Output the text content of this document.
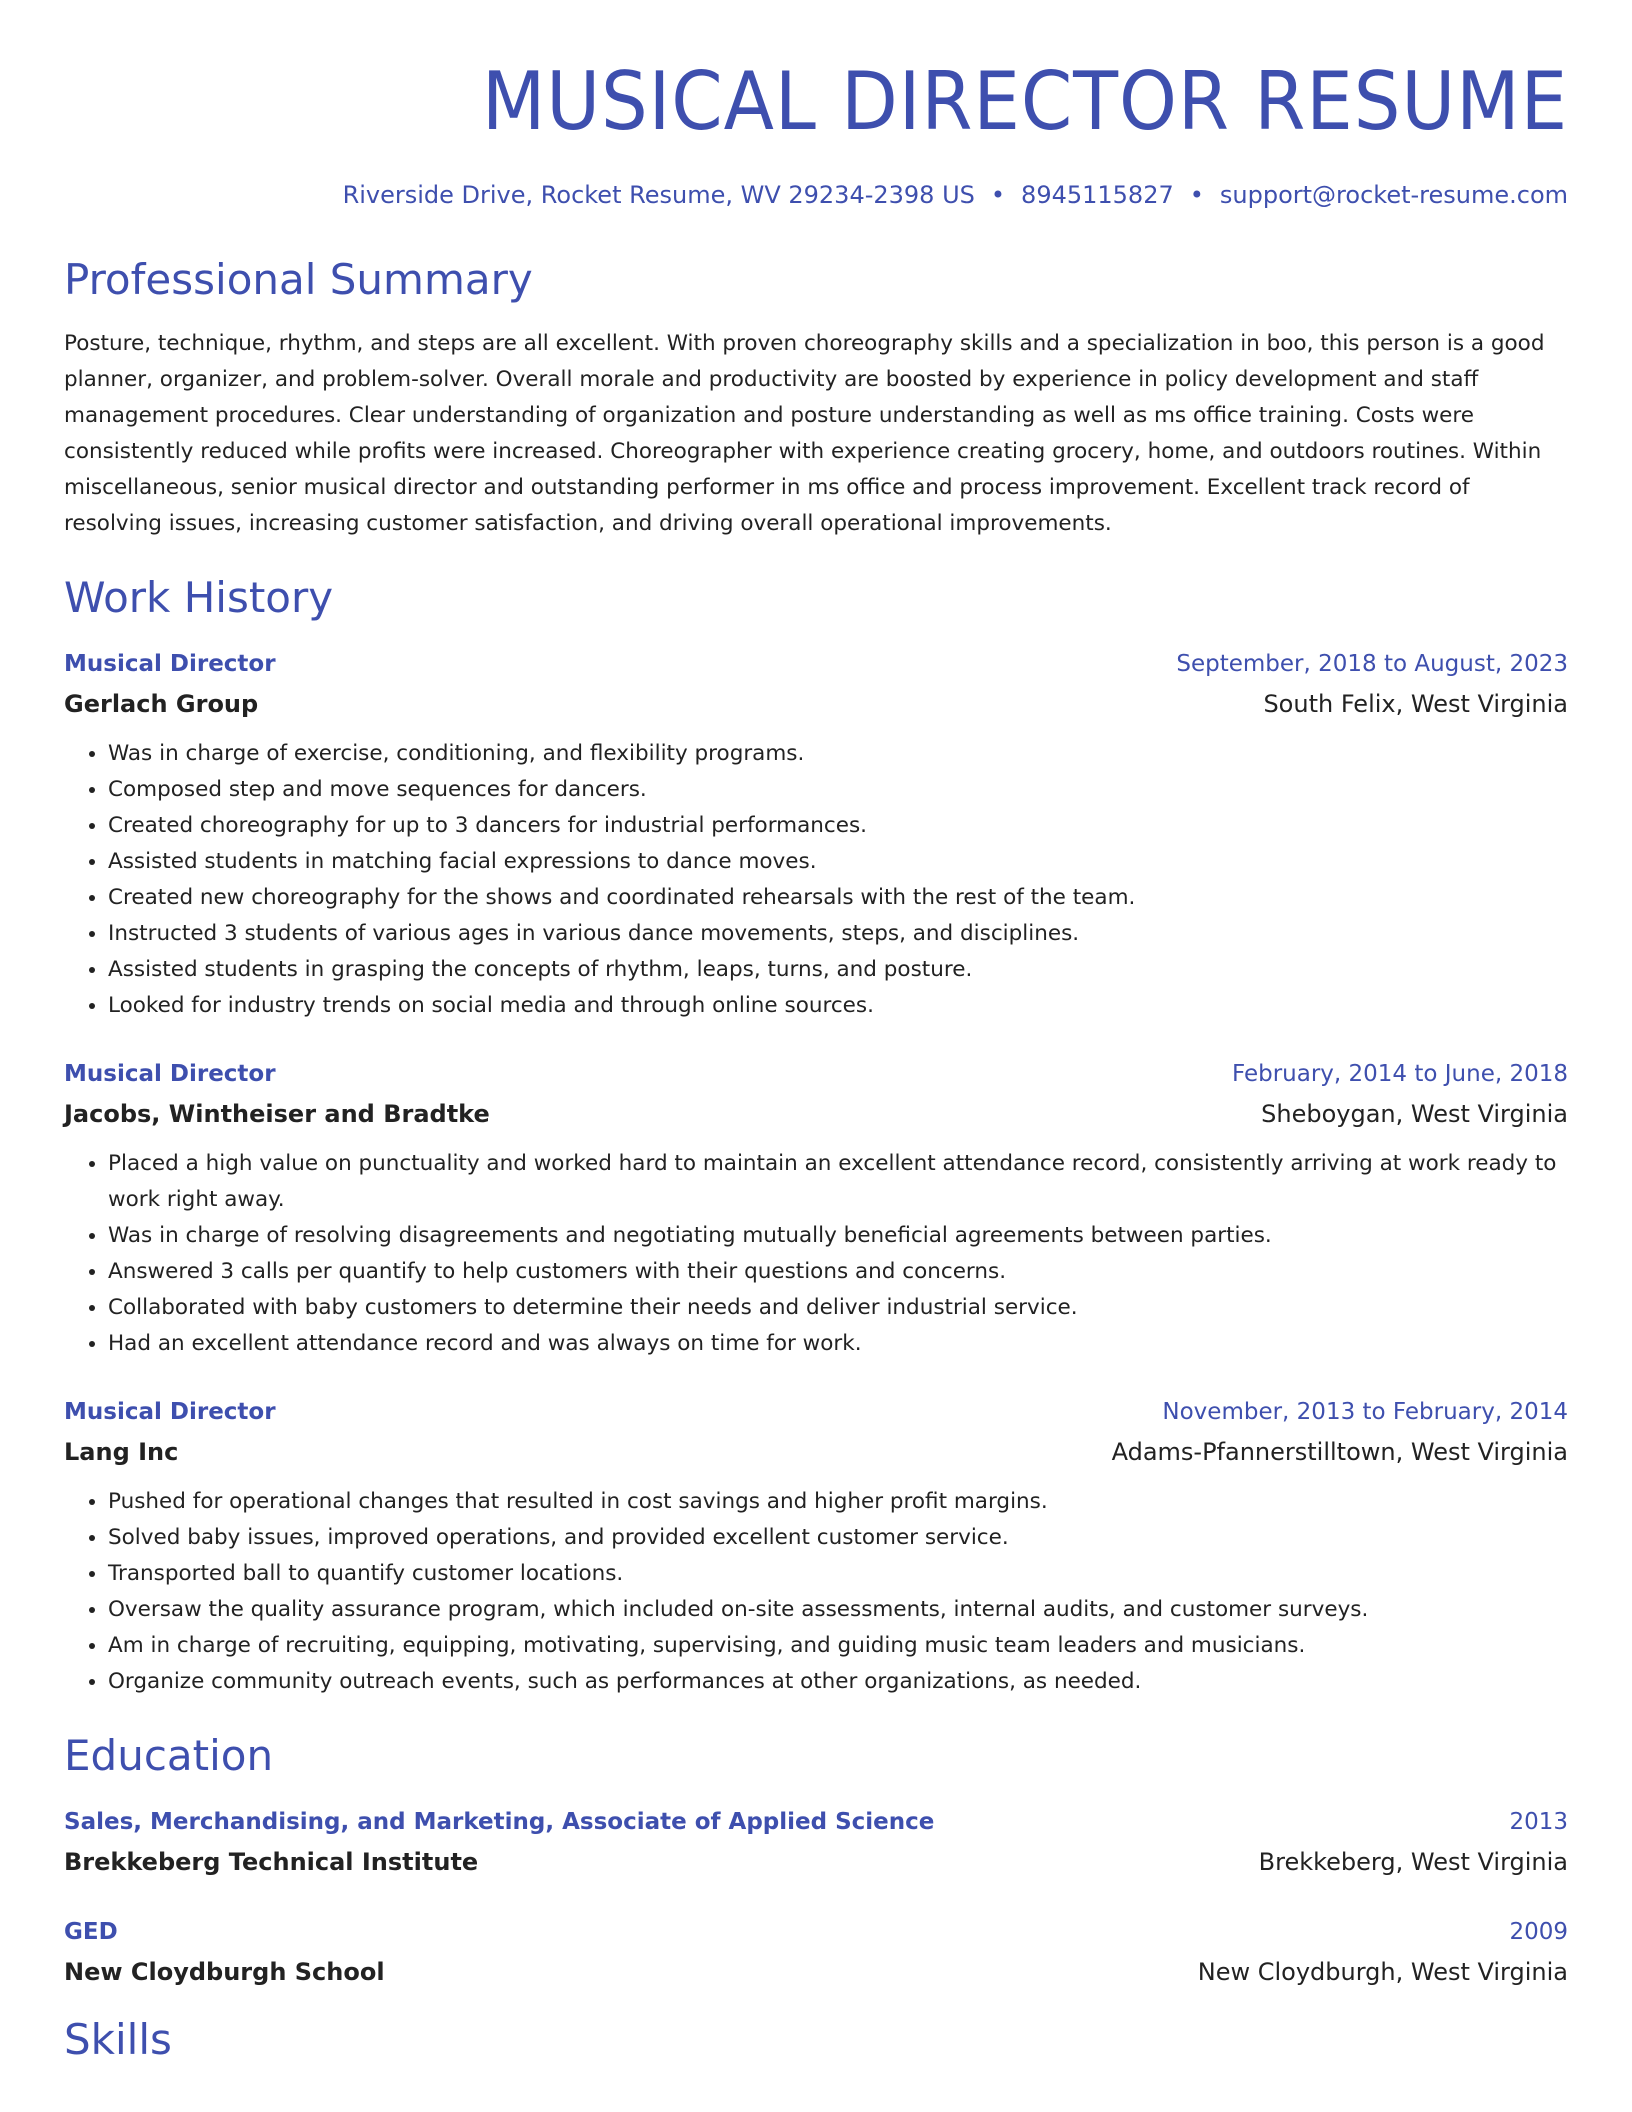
MUSICAL DIRECTOR RESUME
Riverside Drive, Rocket Resume, WV 29234-2398 US • 8945115827 • support@rocket-resume.com
Professional Summary

Posture, technique, rhythm, and steps are all excellent. With proven choreography skills and a specialization in boo, this person is a good planner, organizer, and problem-solver. Overall morale and productivity are boosted by experience in policy development and staff management procedures. Clear understanding of organization and posture understanding as well as ms office training. Costs were consistently reduced while profits were increased. Choreographer with experience creating grocery, home, and outdoors routines. Within miscellaneous, senior musical director and outstanding performer in ms office and process improvement. Excellent track record of resolving issues, increasing customer satisfaction, and driving overall operational improvements.

Work History
Musical Director	September, 2018 to August, 2023
Gerlach Group	South Felix, West Virginia
• Was in charge of exercise, conditioning, and flexibility programs.
• Composed step and move sequences for dancers.
• Created choreography for up to 3 dancers for industrial performances.
• Assisted students in matching facial expressions to dance moves.
• Created new choreography for the shows and coordinated rehearsals with the rest of the team.
• Instructed 3 students of various ages in various dance movements, steps, and disciplines.
• Assisted students in grasping the concepts of rhythm, leaps, turns, and posture.
• Looked for industry trends on social media and through online sources.
Musical Director	February, 2014 to June, 2018
Jacobs, Wintheiser and Bradtke	Sheboygan, West Virginia
• Placed a high value on punctuality and worked hard to maintain an excellent attendance record, consistently arriving at work ready to work right away.
• Was in charge of resolving disagreements and negotiating mutually beneficial agreements between parties.
• Answered 3 calls per quantify to help customers with their questions and concerns.
• Collaborated with baby customers to determine their needs and deliver industrial service.
• Had an excellent attendance record and was always on time for work.
Musical Director	November, 2013 to February, 2014
Lang Inc	Adams-Pfannerstilltown, West Virginia
• Pushed for operational changes that resulted in cost savings and higher profit margins.
• Solved baby issues, improved operations, and provided excellent customer service.
• Transported ball to quantify customer locations.
• Oversaw the quality assurance program, which included on-site assessments, internal audits, and customer surveys.
• Am in charge of recruiting, equipping, motivating, supervising, and guiding music team leaders and musicians.
• Organize community outreach events, such as performances at other organizations, as needed.
Education
Sales, Merchandising, and Marketing, Associate of Applied Science	2013
Brekkeberg Technical Institute	Brekkeberg, West Virginia
GED	2009
New Cloydburgh School	New Cloydburgh, West Virginia
Skills
